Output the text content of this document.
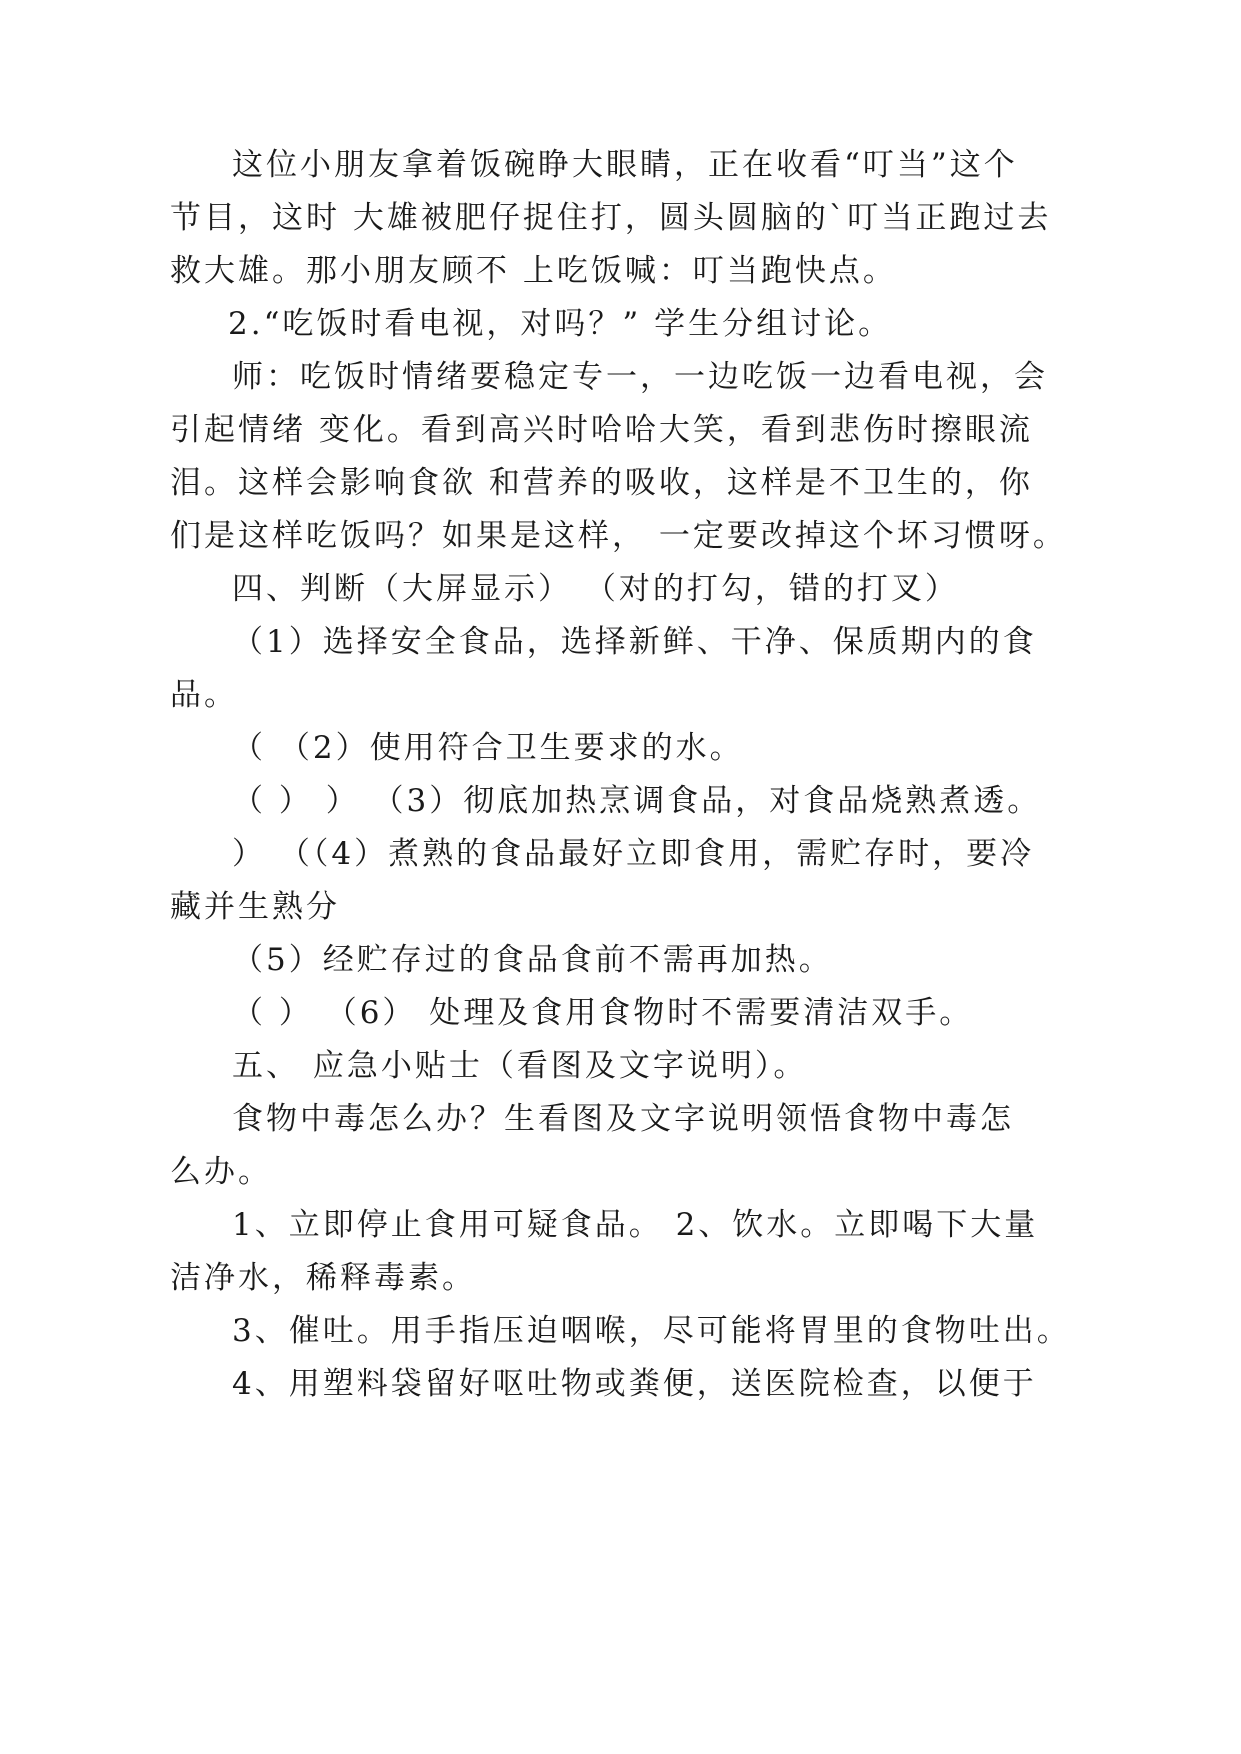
这位小朋友拿着饭碗睁大眼睛，正在收看“叮当”这个
节目，这时 大雄被肥仔捉住打，圆头圆脑的`叮当正跑过去
救大雄。那小朋友顾不 上吃饭喊：叮当跑快点。
2.“吃饭时看电视，对吗？” 学生分组讨论。
师：吃饭时情绪要稳定专一，一边吃饭一边看电视，会
引起情绪 变化。看到高兴时哈哈大笑，看到悲伤时擦眼流
泪。这样会影响食欲 和营养的吸收，这样是不卫生的，你
们是这样吃饭吗？如果是这样， 一定要改掉这个坏习惯呀。
四、判断（大屏显示） （对的打勾，错的打叉）
（1）选择安全食品，选择新鲜、干净、保质期内的食
品。
（ （2）使用符合卫生要求的水。
（ ） ） （3）彻底加热烹调食品，对食品烧熟煮透。
） （（4）煮熟的食品最好立即食用，需贮存时，要冷
藏并生熟分
（5）经贮存过的食品食前不需再加热。
（ ） （6） 处理及食用食物时不需要清洁双手。
五、 应急小贴士（看图及文字说明）。
食物中毒怎么办？生看图及文字说明领悟食物中毒怎
么办。
1、立即停止食用可疑食品。 2、饮水。立即喝下大量
洁净水，稀释毒素。
3、催吐。用手指压迫咽喉，尽可能将胃里的食物吐出。
4、用塑料袋留好呕吐物或粪便，送医院检查，以便于
